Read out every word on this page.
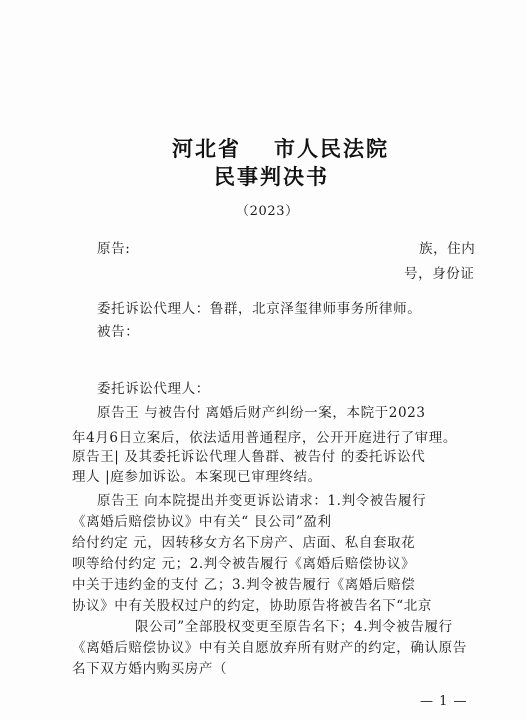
河北省 市人民法院
民事判决书
（2023）
原告:	族，住内
号，身份证
委托诉讼代理人：鲁群，北京泽玺律师事务所律师。
被告：
委托诉讼代理人：
原告王 与被告付 离婚后财产纠纷一案，本院于2023
年4月6日立案后，依法适用普通程序，公开开庭进行了审理。
原告王| 及其委托诉讼代理人鲁群、被告付 的委托诉讼代
理人 |庭参加诉讼。本案现已审理终结。
原告王 向本院提出并变更诉讼请求：1.判令被告履行
《离婚后赔偿协议》中有关“ 艮公司”盈利
给付约定 元，因转移女方名下房产、店面、私自套取花
呗等给付约定 元；2.判令被告履行《离婚后赔偿协议》
中关于违约金的支付 乙；3.判令被告履行《离婚后赔偿
协议》中有关股权过户的约定，协助原告将被告名下“北京
限公司”全部股权变更至原告名下；4.判令被告履行
《离婚后赔偿协议》中有关自愿放弃所有财产的约定，确认原告
名下双方婚内购买房产（
— 1 —
